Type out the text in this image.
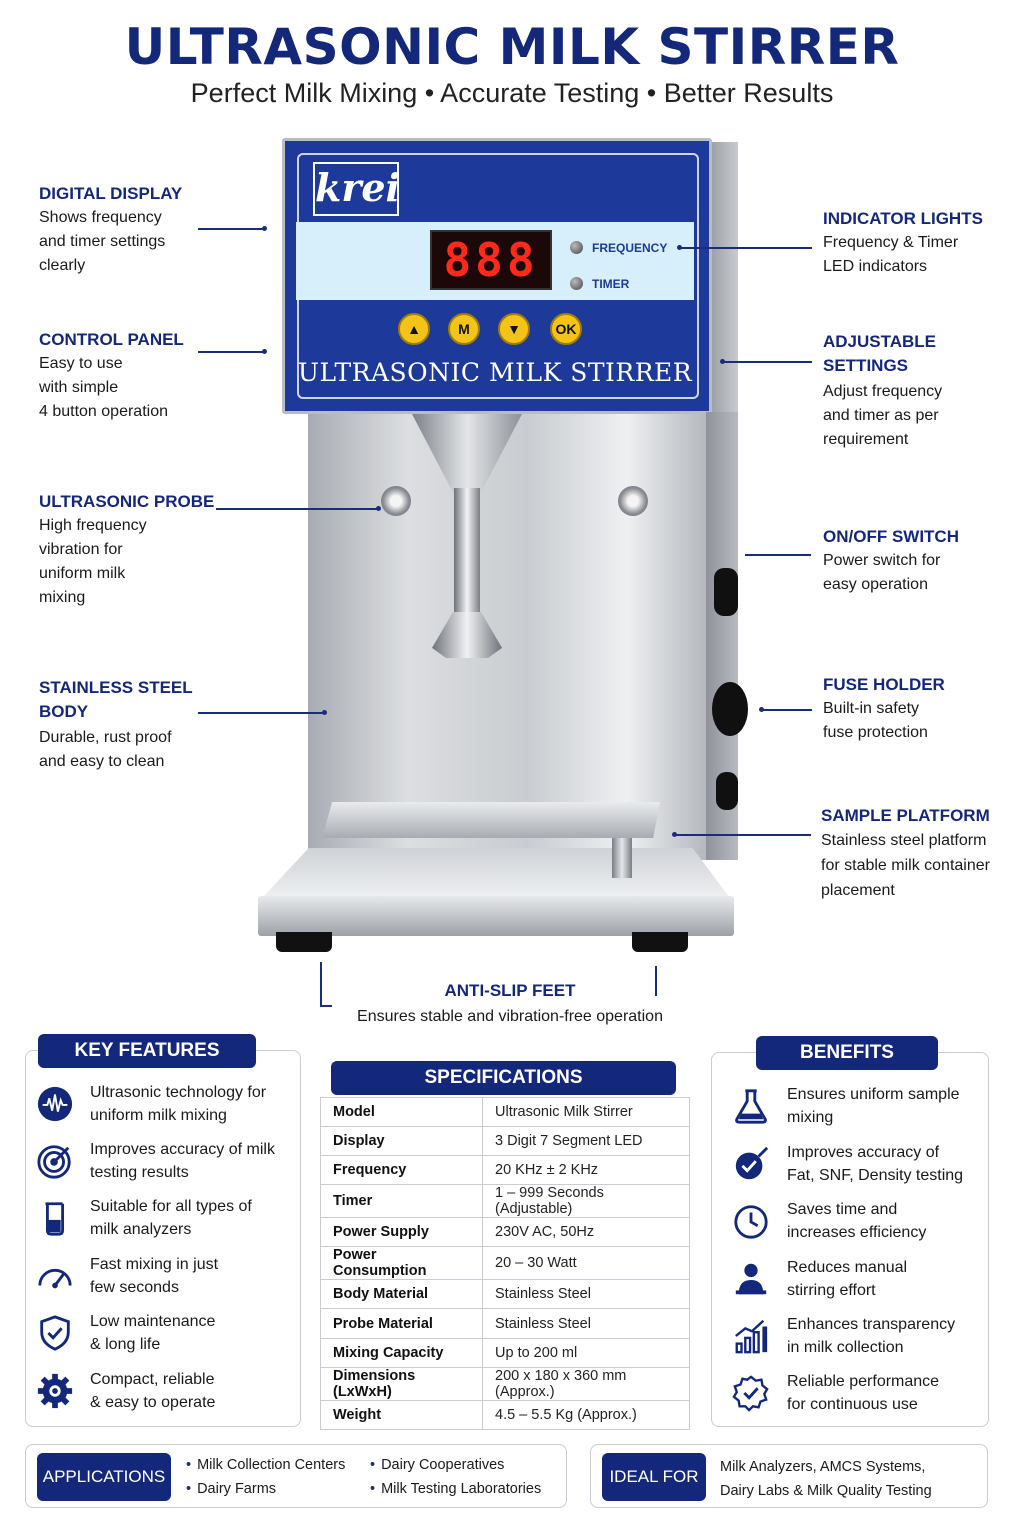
ULTRASONIC MILK STIRRER
Perfect Milk Mixing • Accurate Testing • Better Results
krei
888	FREQUENCY
TIMER
▲	M	▼	OK
ULTRASONIC MILK STIRRER
DIGITAL DISPLAY

Shows frequency
and timer settings
clearly

CONTROL PANEL

Easy to use
with simple
4 button operation

ULTRASONIC PROBE

High frequency
vibration for
uniform milk
mixing

STAINLESS STEEL
BODY

Durable, rust proof
and easy to clean

INDICATOR LIGHTS

Frequency & Timer
LED indicators

ADJUSTABLE
SETTINGS

Adjust frequency
and timer as per
requirement

ON/OFF SWITCH

Power switch for
easy operation

FUSE HOLDER

Built-in safety
fuse protection

SAMPLE PLATFORM

Stainless steel platform
for stable milk container
placement

ANTI-SLIP FEET

Ensures stable and vibration-free operation

KEY FEATURES
Ultrasonic technology for
uniform milk mixing
Improves accuracy of milk
testing results
Suitable for all types of
milk analyzers
Fast mixing in just
few seconds
Low maintenance
& long life
Compact, reliable
& easy to operate
SPECIFICATIONS
Model	Ultrasonic Milk Stirrer
Display	3 Digit 7 Segment LED
Frequency	20 KHz ± 2 KHz
Timer	1 – 999 Seconds (Adjustable)
Power Supply	230V AC, 50Hz
Power Consumption	20 – 30 Watt
Body Material	Stainless Steel
Probe Material	Stainless Steel
Mixing Capacity	Up to 200 ml
Dimensions (LxWxH)	200 x 180 x 360 mm (Approx.)
Weight	4.5 – 5.5 Kg (Approx.)
BENEFITS
Ensures uniform sample
mixing
Improves accuracy of
Fat, SNF, Density testing
Saves time and
increases efficiency
Reduces manual
stirring effort
Enhances transparency
in milk collection
Reliable performance
for continuous use
APPLICATIONS
• Milk Collection Centers
• Dairy Farms
• Dairy Cooperatives
• Milk Testing Laboratories
IDEAL FOR	Milk Analyzers, AMCS Systems,
Dairy Labs & Milk Quality Testing
